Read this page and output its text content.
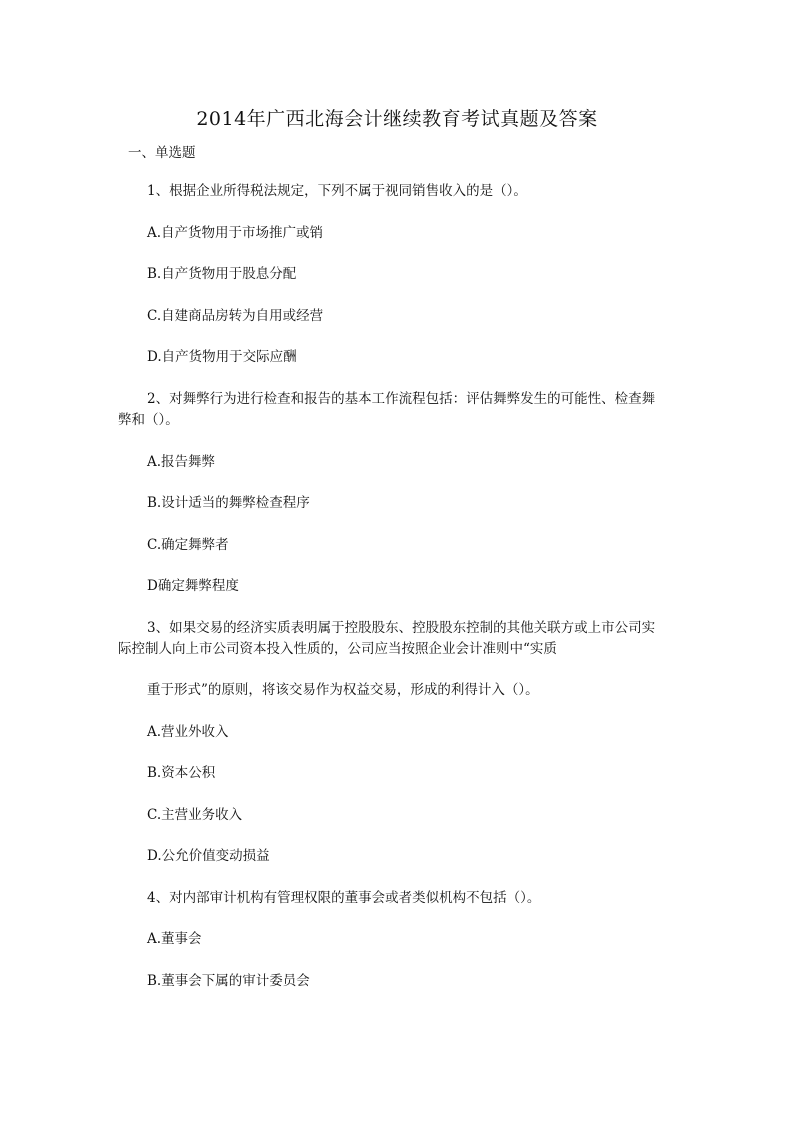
2014年广西北海会计继续教育考试真题及答案
一、单选题
1、根据企业所得税法规定，下列不属于视同销售收入的是（）。
A.自产货物用于市场推广或销
B.自产货物用于股息分配
C.自建商品房转为自用或经营
D.自产货物用于交际应酬
2、对舞弊行为进行检查和报告的基本工作流程包括：评估舞弊发生的可能性、检查舞
弊和（）。
A.报告舞弊
B.设计适当的舞弊检查程序
C.确定舞弊者
D确定舞弊程度
3、如果交易的经济实质表明属于控股股东、控股股东控制的其他关联方或上市公司实
际控制人向上市公司资本投入性质的，公司应当按照企业会计准则中“实质
重于形式”的原则，将该交易作为权益交易，形成的利得计入（）。
A.营业外收入
B.资本公积
C.主营业务收入
D.公允价值变动损益
4、对内部审计机构有管理权限的董事会或者类似机构不包括（）。
A.董事会
B.董事会下属的审计委员会
